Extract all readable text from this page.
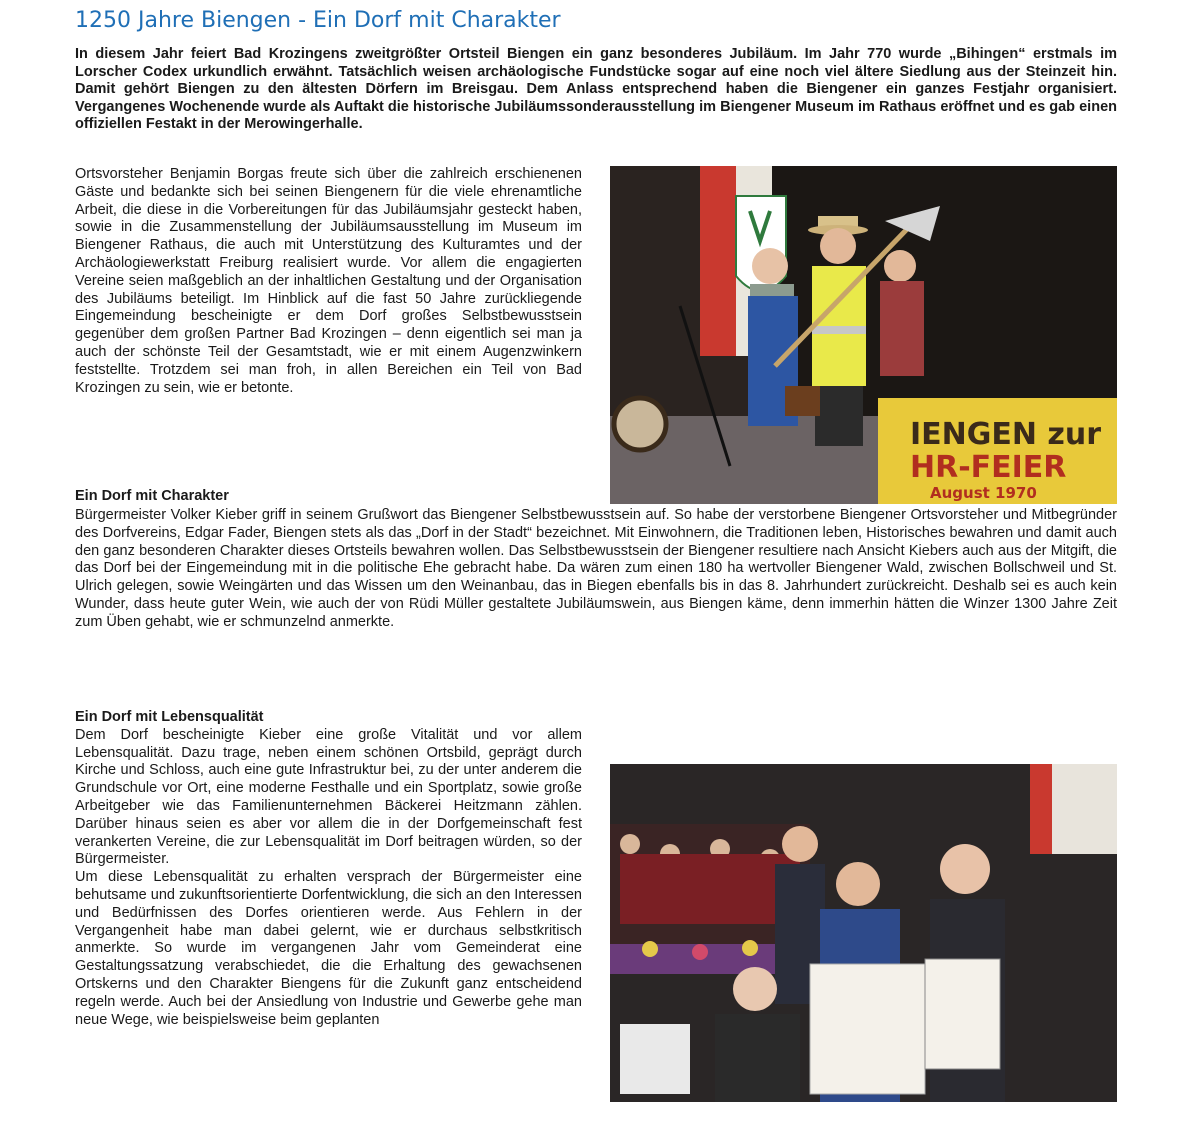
1250 Jahre Biengen - Ein Dorf mit Charakter
In diesem Jahr feiert Bad Krozingens zweitgrößter Ortsteil Biengen ein ganz besonderes Jubiläum. Im Jahr 770 wurde „Bihingen“ erstmals im Lorscher Codex urkundlich erwähnt. Tatsächlich weisen archäologische Fundstücke sogar auf eine noch viel ältere Siedlung aus der Steinzeit hin. Damit gehört Biengen zu den ältesten Dörfern im Breisgau. Dem Anlass entsprechend haben die Biengener ein ganzes Festjahr organisiert. Vergangenes Wochenende wurde als Auftakt die historische Jubiläumssonderausstellung im Biengener Museum im Rathaus eröffnet und es gab einen offiziellen Festakt in der Merowingerhalle.

Ortsvorsteher Benjamin Borgas freute sich über die zahlreich erschienenen Gäste und bedankte sich bei seinen Biengenern für die viele ehrenamtliche Arbeit, die diese in die Vorbereitungen für das Jubiläumsjahr gesteckt haben, sowie in die Zusammenstellung der Jubiläumsausstellung im Museum im Biengener Rathaus, die auch mit Unterstützung des Kulturamtes und der Archäologiewerkstatt Freiburg realisiert wurde. Vor allem die engagierten Vereine seien maßgeblich an der inhaltlichen Gestaltung und der Organisation des Jubiläums beteiligt. Im Hinblick auf die fast 50 Jahre zurückliegende Eingemeindung bescheinigte er dem Dorf großes Selbstbewusstsein gegenüber dem großen Partner Bad Krozingen – denn eigentlich sei man ja auch der schönste Teil der Gesamtstadt, wie er mit einem Augenzwinkern feststellte. Trotzdem sei man froh, in allen Bereichen ein Teil von Bad Krozingen zu sein, wie er betonte.

Ein Dorf mit Charakter

Bürgermeister Volker Kieber griff in seinem Grußwort das Biengener Selbstbewusstsein auf. So habe der verstorbene Biengener Ortsvorsteher und Mitbegründer des Dorfvereins, Edgar Fader, Biengen stets als das „Dorf in der Stadt“ bezeichnet. Mit Einwohnern, die Traditionen leben, Historisches bewahren und damit auch den ganz besonderen Charakter dieses Ortsteils bewahren wollen. Das Selbstbewusstsein der Biengener resultiere nach Ansicht Kiebers auch aus der Mitgift, die das Dorf bei der Eingemeindung mit in die politische Ehe gebracht habe. Da wären zum einen 180 ha wertvoller Biengener Wald, zwischen Bollschweil und St. Ulrich gelegen, sowie Weingärten und das Wissen um den Weinanbau, das in Biegen ebenfalls bis in das 8. Jahrhundert zurückreicht. Deshalb sei es auch kein Wunder, dass heute guter Wein, wie auch der von Rüdi Müller gestaltete Jubiläumswein, aus Biengen käme, denn immerhin hätten die Winzer 1300 Jahre Zeit zum Üben gehabt, wie er schmunzelnd anmerkte.

Ein Dorf mit Lebensqualität

Dem Dorf bescheinigte Kieber eine große Vitalität und vor allem Lebensqualität. Dazu trage, neben einem schönen Ortsbild, geprägt durch Kirche und Schloss, auch eine gute Infrastruktur bei, zu der unter anderem die Grundschule vor Ort, eine moderne Festhalle und ein Sportplatz, sowie große Arbeitgeber wie das Familienunternehmen Bäckerei Heitzmann zählen. Darüber hinaus seien es aber vor allem die in der Dorfgemeinschaft fest verankerten Vereine, die zur Lebensqualität im Dorf beitragen würden, so der Bürgermeister.

Um diese Lebensqualität zu erhalten versprach der Bürgermeister eine behutsame und zukunftsorientierte Dorfentwicklung, die sich an den Interessen und Bedürfnissen des Dorfes orientieren werde. Aus Fehlern in der Vergangenheit habe man dabei gelernt, wie er durchaus selbstkritisch anmerkte. So wurde im vergangenen Jahr vom Gemeinderat eine Gestaltungssatzung verabschiedet, die die Erhaltung des gewachsenen Ortskerns und den Charakter Biengens für die Zukunft ganz entscheidend regeln werde. Auch bei der Ansiedlung von Industrie und Gewerbe gehe man neue Wege, wie beispielsweise beim geplanten

IENGEN zur
HR-FEIER
August 1970
